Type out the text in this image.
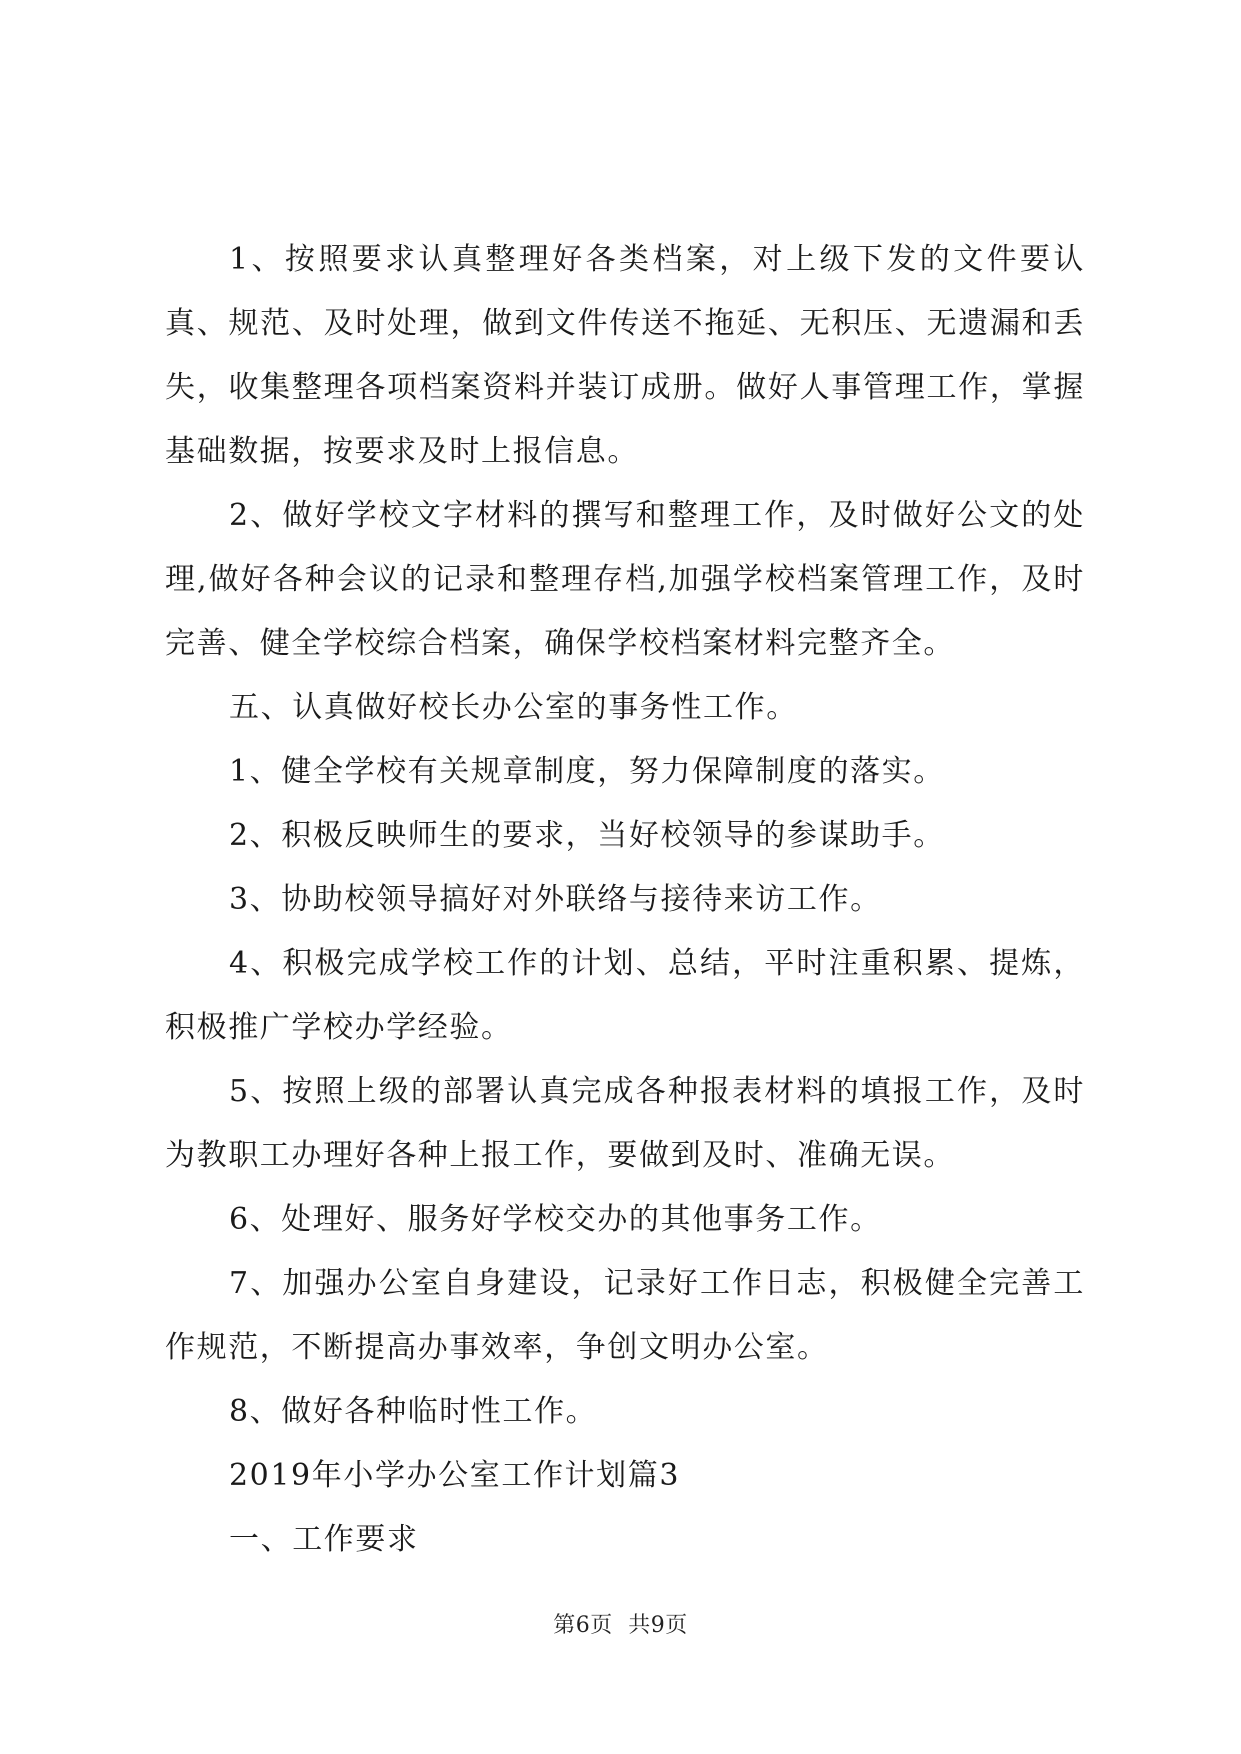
1、按照要求认真整理好各类档案，对上级下发的文件要认真、规范、及时处理，做到文件传送不拖延、无积压、无遗漏和丢失，收集整理各项档案资料并装订成册。做好人事管理工作，掌握基础数据，按要求及时上报信息。

2、做好学校文字材料的撰写和整理工作，及时做好公文的处理,做好各种会议的记录和整理存档,加强学校档案管理工作，及时完善、健全学校综合档案，确保学校档案材料完整齐全。

五、认真做好校长办公室的事务性工作。

1、健全学校有关规章制度，努力保障制度的落实。

2、积极反映师生的要求，当好校领导的参谋助手。

3、协助校领导搞好对外联络与接待来访工作。

4、积极完成学校工作的计划、总结，平时注重积累、提炼，积极推广学校办学经验。

5、按照上级的部署认真完成各种报表材料的填报工作，及时为教职工办理好各种上报工作，要做到及时、准确无误。

6、处理好、服务好学校交办的其他事务工作。

7、加强办公室自身建设，记录好工作日志，积极健全完善工作规范，不断提高办事效率，争创文明办公室。

8、做好各种临时性工作。

2019年小学办公室工作计划篇3

一、工作要求

第6页 共9页
